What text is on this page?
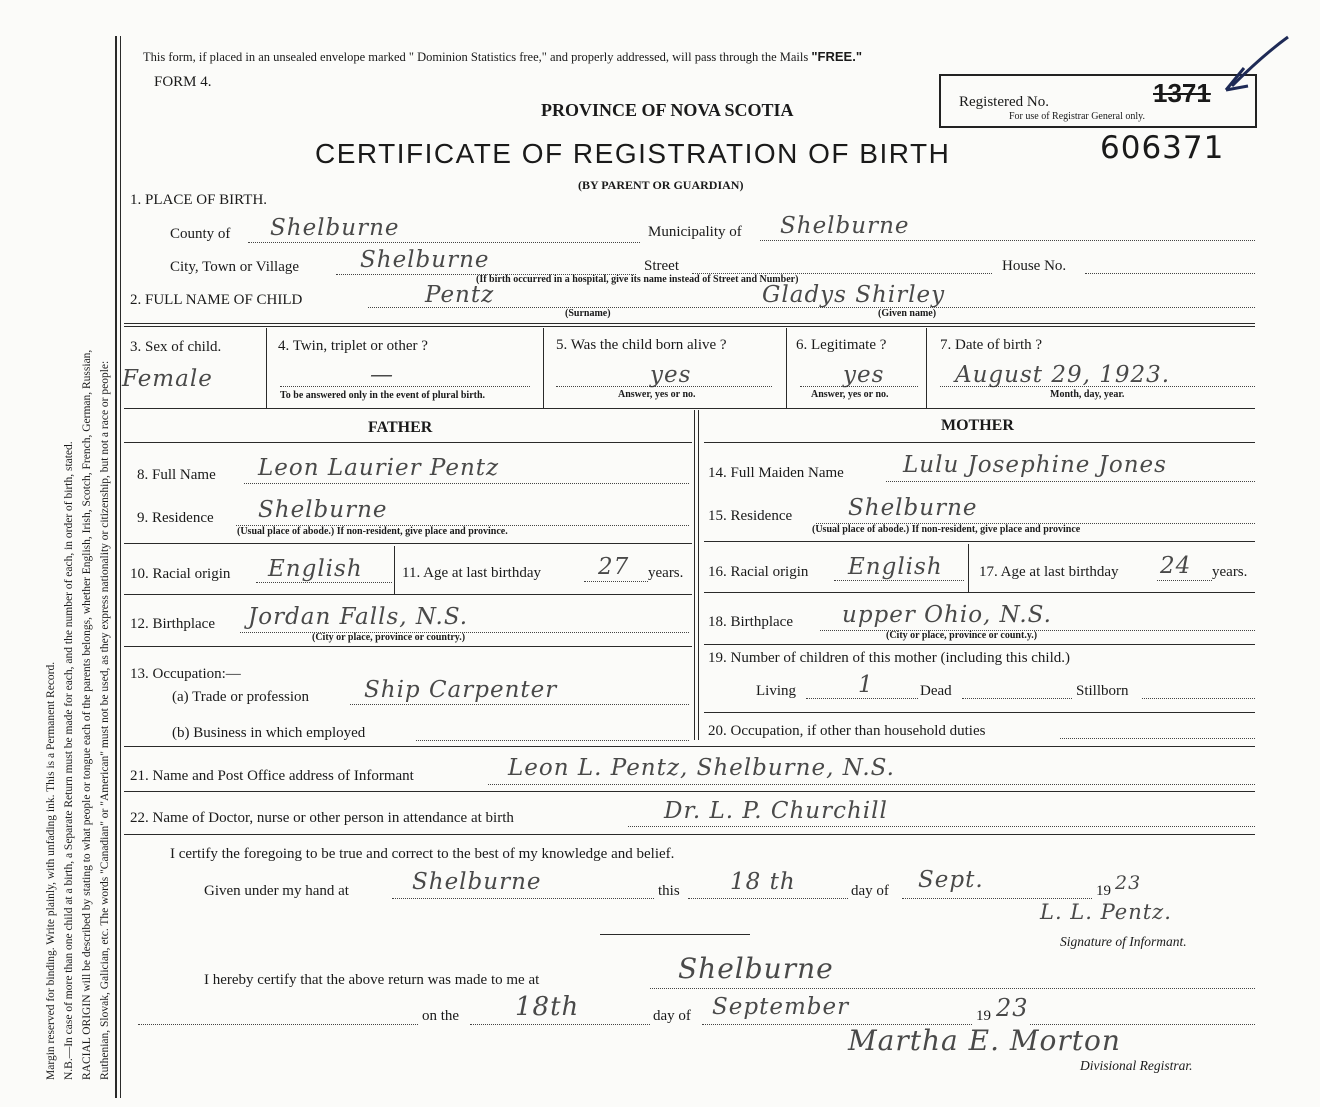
Margin reserved for binding. Write plainly, with unfading ink. This is a Permanent Record. N.B.—In case of more than one child at a birth, a Separate Return must be made for each, and the number of each, in order of birth, stated. RACIAL ORIGIN will be described by stating to what people or tongue each of the parents belongs, whether English, Irish, Scotch, French, German, Russian, Ruthenian, Slovak, Galician, etc. The words "Canadian" or "American" must not be used, as they express nationality or citizenship, but not a race or people:
This form, if placed in an unsealed envelope marked " Dominion Statistics free," and properly addressed, will pass through the Mails "FREE."
FORM 4.
PROVINCE OF NOVA SCOTIA
CERTIFICATE OF REGISTRATION OF BIRTH
(BY PARENT OR GUARDIAN)
Registered No.	1371
For use of Registrar General only.
606371
1. PLACE OF BIRTH.
County of Shelburne	Municipality of Shelburne
City, Town or Village	Shelburne	Street	House No.
(If birth occurred in a hospital, give its name instead of Street and Number)
2. FULL NAME OF CHILD	Pentz
(Surname)
Gladys Shirley
(Given name)
3. Sex of child.
Female
4. Twin, triplet or other ?
—
To be answered only in the event of plural birth.
5. Was the child born alive ?
yes
Answer, yes or no.
6. Legitimate ?
yes
Answer, yes or no.
7. Date of birth ?
August 29, 1923.
Month, day, year.
FATHER	MOTHER
8. Full Name Leon Laurier Pentz
9. Residence Shelburne
(Usual place of abode.) If non-resident, give place and province.
10. Racial origin English	11. Age at last birthday 27 years.
12. Birthplace Jordan Falls, N.S.
(City or place, province or country.)
13. Occupation:—
(a) Trade or profession Ship Carpenter
(b) Business in which employed
14. Full Maiden Name	Lulu Josephine Jones
15. Residence Shelburne
(Usual place of abode.) If non-resident, give place and province
16. Racial origin English 17. Age at last birthday 24 years.
18. Birthplace upper Ohio, N.S.
(City or place, province or count.y.)
19. Number of children of this mother (including this child.)
Living	1	Dead	Stillborn
20. Occupation, if other than household duties
21. Name and Post Office address of Informant	Leon L. Pentz, Shelburne, N.S.
22. Name of Doctor, nurse or other person in attendance at birth	Dr. L. P. Churchill
I certify the foregoing to be true and correct to the best of my knowledge and belief.
Given under my hand at	Shelburne	this 18 th	day of Sept.	19 23
L. L. Pentz.
Signature of Informant.
I hereby certify that the above return was made to me at	Shelburne
on the 18th	day of September	19 23
Martha E. Morton
Divisional Registrar.
